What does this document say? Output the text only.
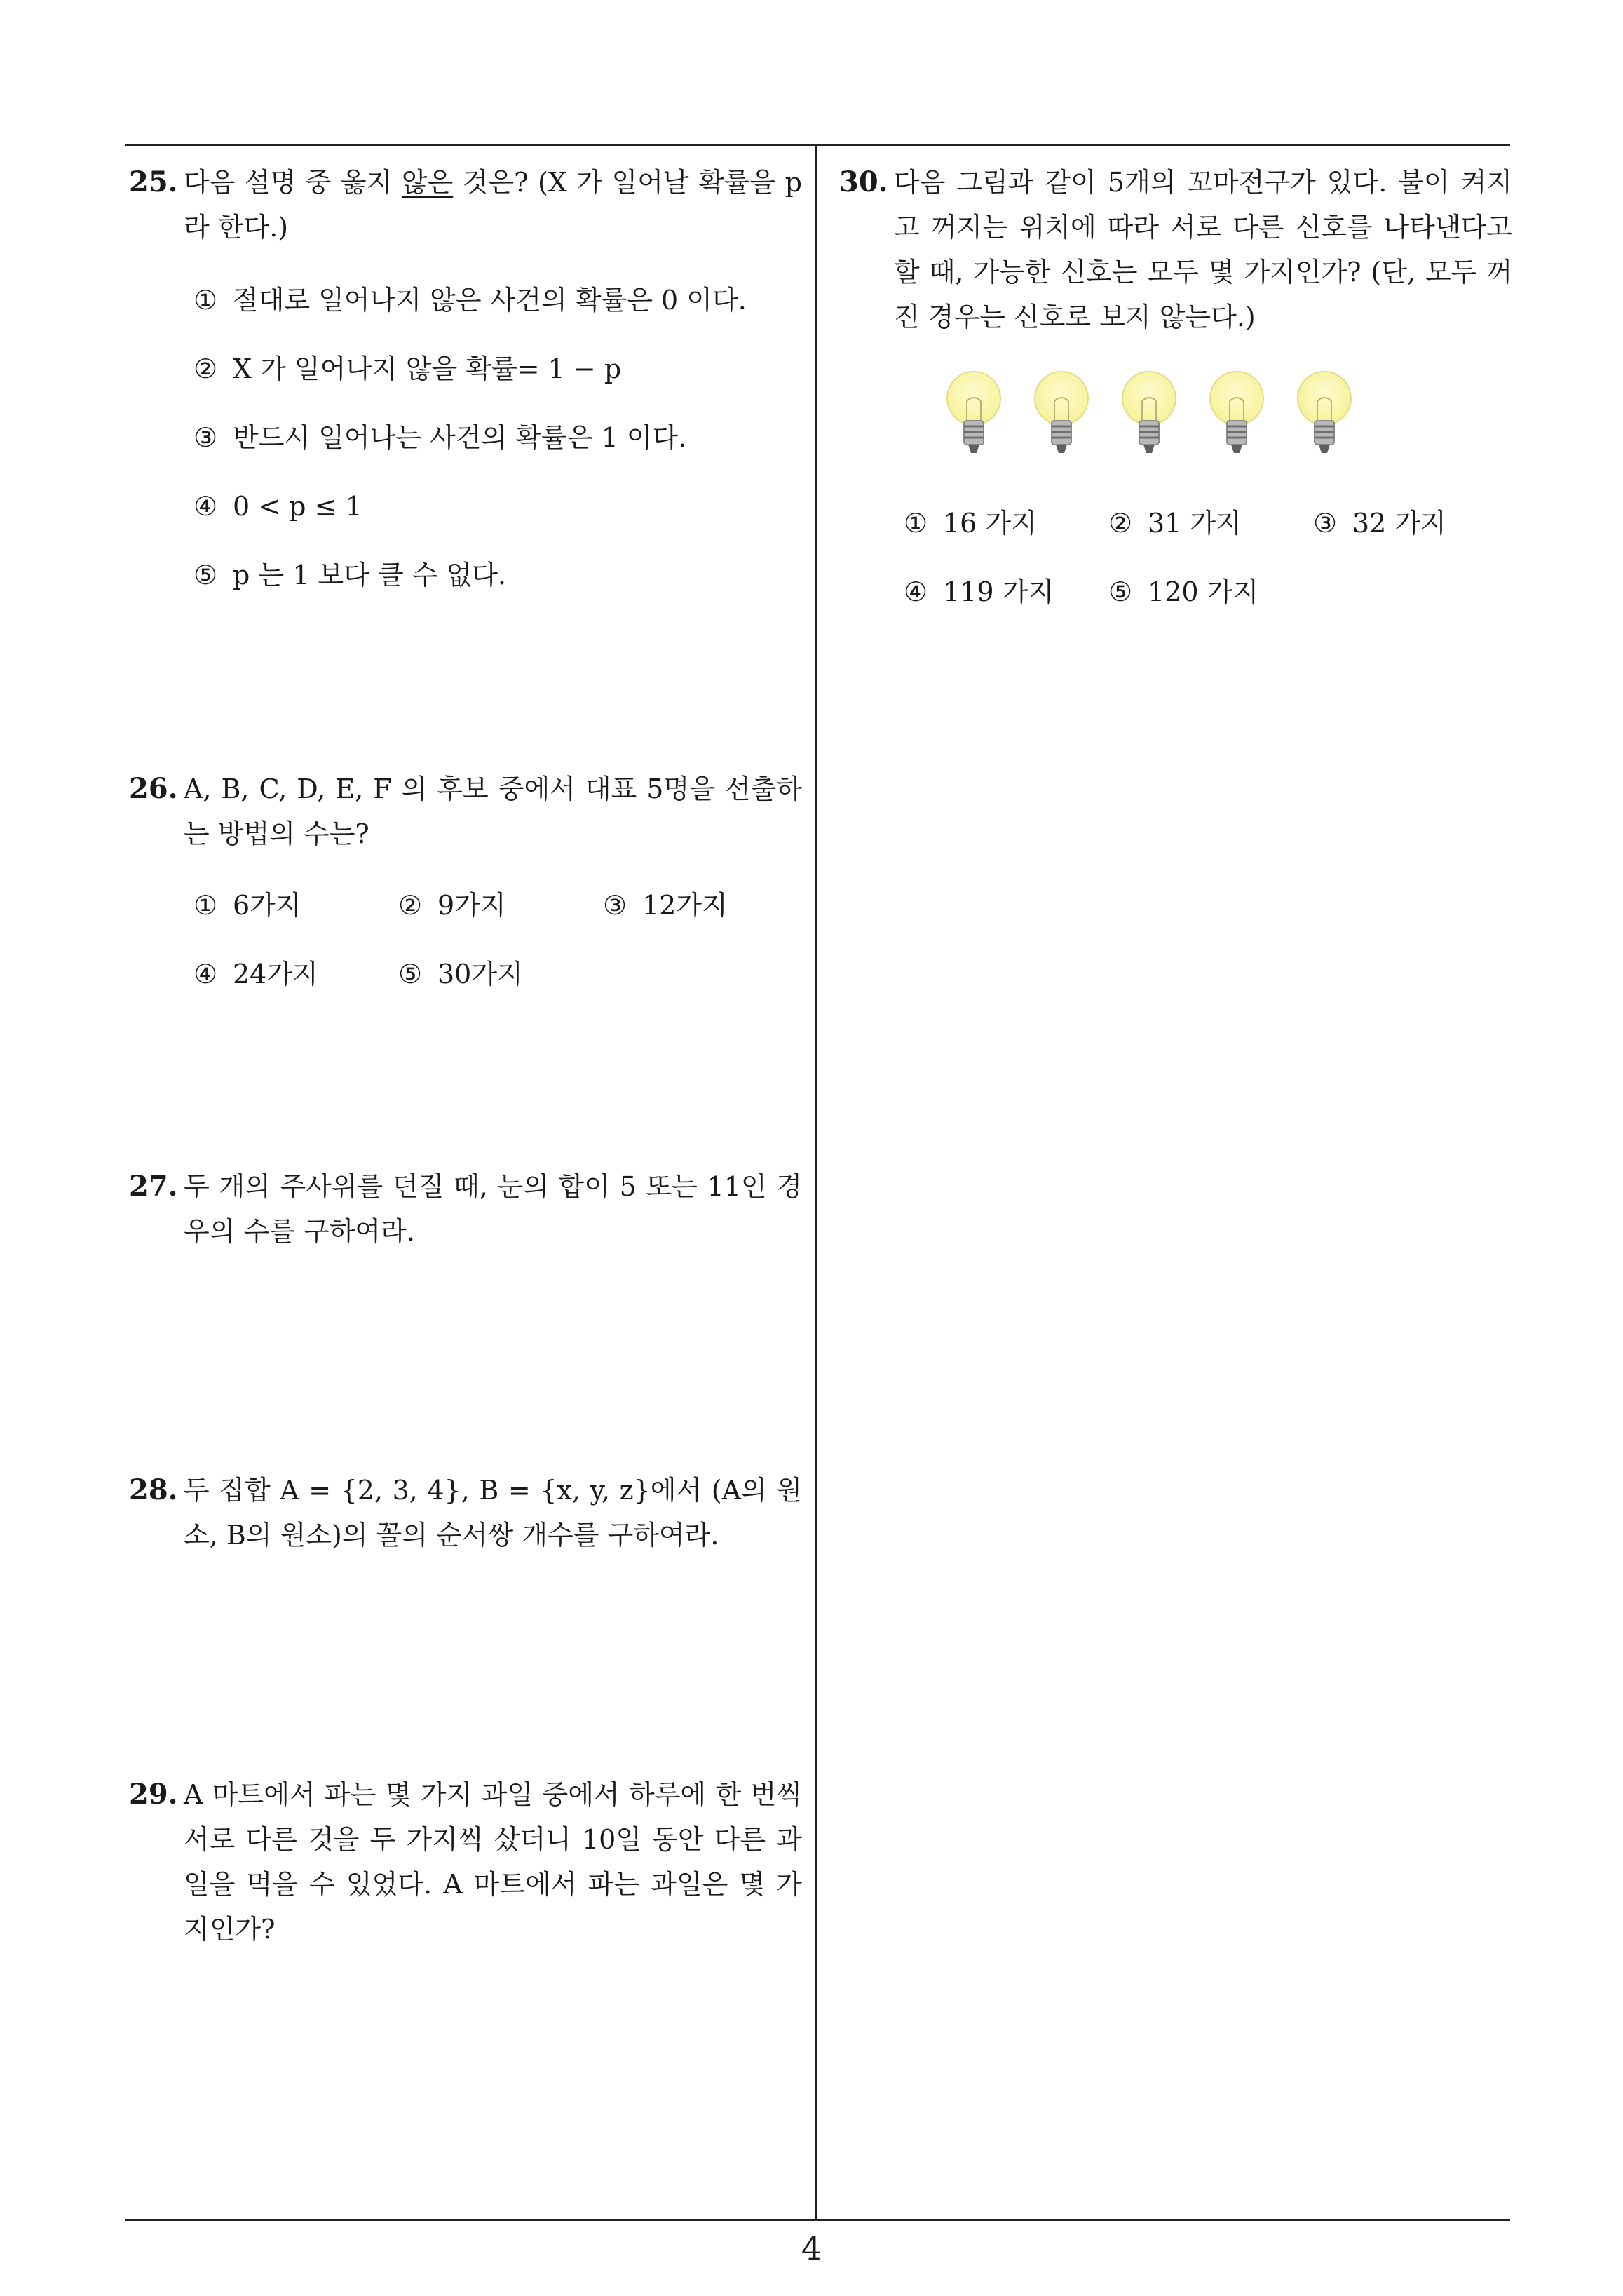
25. 다음 설명 중 옳지 않은 것은? (X 가 일어날 확률을 p 라 한다.)
① 절대로 일어나지 않은 사건의 확률은 0 이다.
② X 가 일어나지 않을 확률= 1 − p
③ 반드시 일어나는 사건의 확률은 1 이다.
④ 0 < p ≤ 1
⑤ p 는 1 보다 클 수 없다.
26. A, B, C, D, E, F 의 후보 중에서 대표 5명을 선출하는 방법의 수는?
① 6가지	② 9가지	③ 12가지
④ 24가지	⑤ 30가지
27. 두 개의 주사위를 던질 때, 눈의 합이 5 또는 11인 경우의 수를 구하여라.
28. 두 집합 A = {2, 3, 4}, B = {x, y, z}에서 (A의 원소, B의 원소)의 꼴의 순서쌍 개수를 구하여라.
29. A 마트에서 파는 몇 가지 과일 중에서 하루에 한 번씩 서로 다른 것을 두 가지씩 샀더니 10일 동안 다른 과일을 먹을 수 있었다. A 마트에서 파는 과일은 몇 가지인가?
30. 다음 그림과 같이 5개의 꼬마전구가 있다. 불이 켜지고 꺼지는 위치에 따라 서로 다른 신호를 나타낸다고 할 때, 가능한 신호는 모두 몇 가지인가? (단, 모두 꺼진 경우는 신호로 보지 않는다.)
① 16 가지	② 31 가지	③ 32 가지
④ 119 가지	⑤ 120 가지
4
